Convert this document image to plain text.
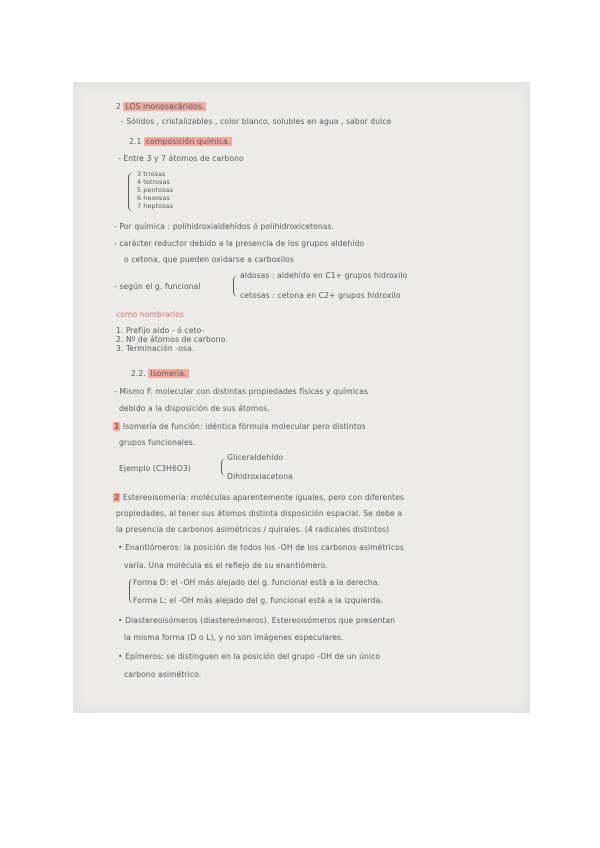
2 LOS monosacáridos.
- Sólidos , cristalizables , color blanco, solubles en agua , sabor dulce
2.1 composición química.
- Entre 3 y 7 átomos de carbono
3 triosas
4 tetrosas
5 pentosas
6 hexosas
7 heptosas
- Por química : polihidroxialdehídos ó polihidroxicetonas.
- carácter reductor debido a la presencia de los grupos aldehído
o cetona, que pueden oxidarse a carboxilos
- según el g. funcional
aldosas : aldehído en C1+ grupos hidroxilo
cetosas : cetona en C2+ grupos hidroxilo
como nombrarlos
1. Prefijo aldo - ó ceto-
2. Nº de átomos de carbono.
3. Terminación -osa.
2.2. Isomería.
- Mismo F. molecular con distintas propiedades físicas y químicas
debido a la disposición de sus átomos.
1 Isomería de función: idéntica fórmula molecular pero distintos
grupos funcionales.
Ejemplo (C3H6O3)
Gliceraldehído
Dihidroxiacetona
2 Estereoisomería: moléculas aparentemente iguales, pero con diferentes
propiedades, al tener sus átomos distinta disposición espacial. Se debe a
la presencia de carbonos asimétricos / quirales. (4 radicales distintos)
• Enantiómeros: la posición de todos los -OH de los carbonos asimétricos
varía. Una molécula es el reflejo de su enantiómero.
Forma D: el -OH más alejado del g. funcional está a la derecha.
Forma L: el -OH más alejado del g. funcional está a la izquierda.
• Diastereoisómeros (diastereómeros). Estereoisómeros que presentan
la misma forma (D o L), y no son imágenes especulares.
• Epímeros: se distinguen en la posición del grupo -OH de un único
carbono asimétrico.
